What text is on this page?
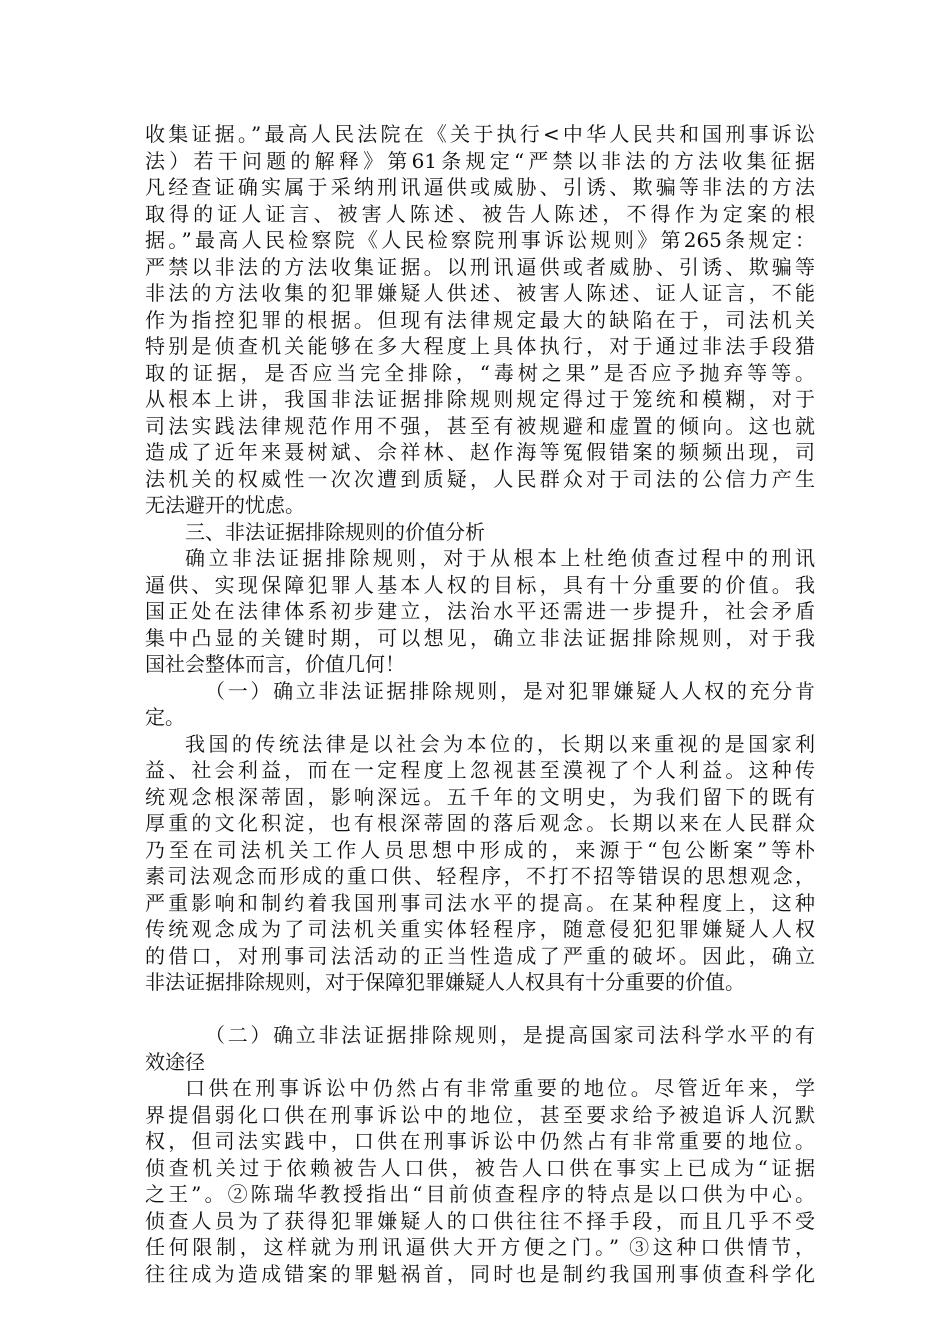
收集证据。”最高人民法院在《关于执行<中华人民共和国刑事诉讼
法）若干问题的解释》第61条规定“严禁以非法的方法收集征据
凡经查证确实属于采纳刑讯逼供或威胁、引诱、欺骗等非法的方法
取得的证人证言、被害人陈述、被告人陈述，不得作为定案的根
据。”最高人民检察院《人民检察院刑事诉讼规则》第265条规定：
严禁以非法的方法收集证据。以刑讯逼供或者威胁、引诱、欺骗等
非法的方法收集的犯罪嫌疑人供述、被害人陈述、证人证言，不能
作为指控犯罪的根据。但现有法律规定最大的缺陷在于，司法机关
特别是侦查机关能够在多大程度上具体执行，对于通过非法手段猎
取的证据，是否应当完全排除，“毒树之果”是否应予抛弃等等。
从根本上讲，我国非法证据排除规则规定得过于笼统和模糊，对于
司法实践法律规范作用不强，甚至有被规避和虚置的倾向。这也就
造成了近年来聂树斌、佘祥林、赵作海等冤假错案的频频出现，司
法机关的权威性一次次遭到质疑，人民群众对于司法的公信力产生
无法避开的忧虑。
三、非法证据排除规则的价值分析
确立非法证据排除规则，对于从根本上杜绝侦查过程中的刑讯
逼供、实现保障犯罪人基本人权的目标，具有十分重要的价值。我
国正处在法律体系初步建立，法治水平还需进一步提升，社会矛盾
集中凸显的关键时期，可以想见，确立非法证据排除规则，对于我
国社会整体而言，价值几何！
（一）确立非法证据排除规则，是对犯罪嫌疑人人权的充分肯
定。
我国的传统法律是以社会为本位的，长期以来重视的是国家利
益、社会利益，而在一定程度上忽视甚至漠视了个人利益。这种传
统观念根深蒂固，影响深远。五千年的文明史，为我们留下的既有
厚重的文化积淀，也有根深蒂固的落后观念。长期以来在人民群众
乃至在司法机关工作人员思想中形成的，来源于“包公断案”等朴
素司法观念而形成的重口供、轻程序，不打不招等错误的思想观念，
严重影响和制约着我国刑事司法水平的提高。在某种程度上，这种
传统观念成为了司法机关重实体轻程序，随意侵犯犯罪嫌疑人人权
的借口，对刑事司法活动的正当性造成了严重的破坏。因此，确立
非法证据排除规则，对于保障犯罪嫌疑人人权具有十分重要的价值。
（二）确立非法证据排除规则，是提高国家司法科学水平的有
效途径
口供在刑事诉讼中仍然占有非常重要的地位。尽管近年来，学
界提倡弱化口供在刑事诉讼中的地位，甚至要求给予被追诉人沉默
权，但司法实践中，口供在刑事诉讼中仍然占有非常重要的地位。
侦查机关过于依赖被告人口供，被告人口供在事实上已成为“证据
之王”。②陈瑞华教授指出“目前侦查程序的特点是以口供为中心。
侦查人员为了获得犯罪嫌疑人的口供往往不择手段，而且几乎不受
任何限制，这样就为刑讯逼供大开方便之门。” ③这种口供情节，
往往成为造成错案的罪魁祸首，同时也是制约我国刑事侦查科学化
